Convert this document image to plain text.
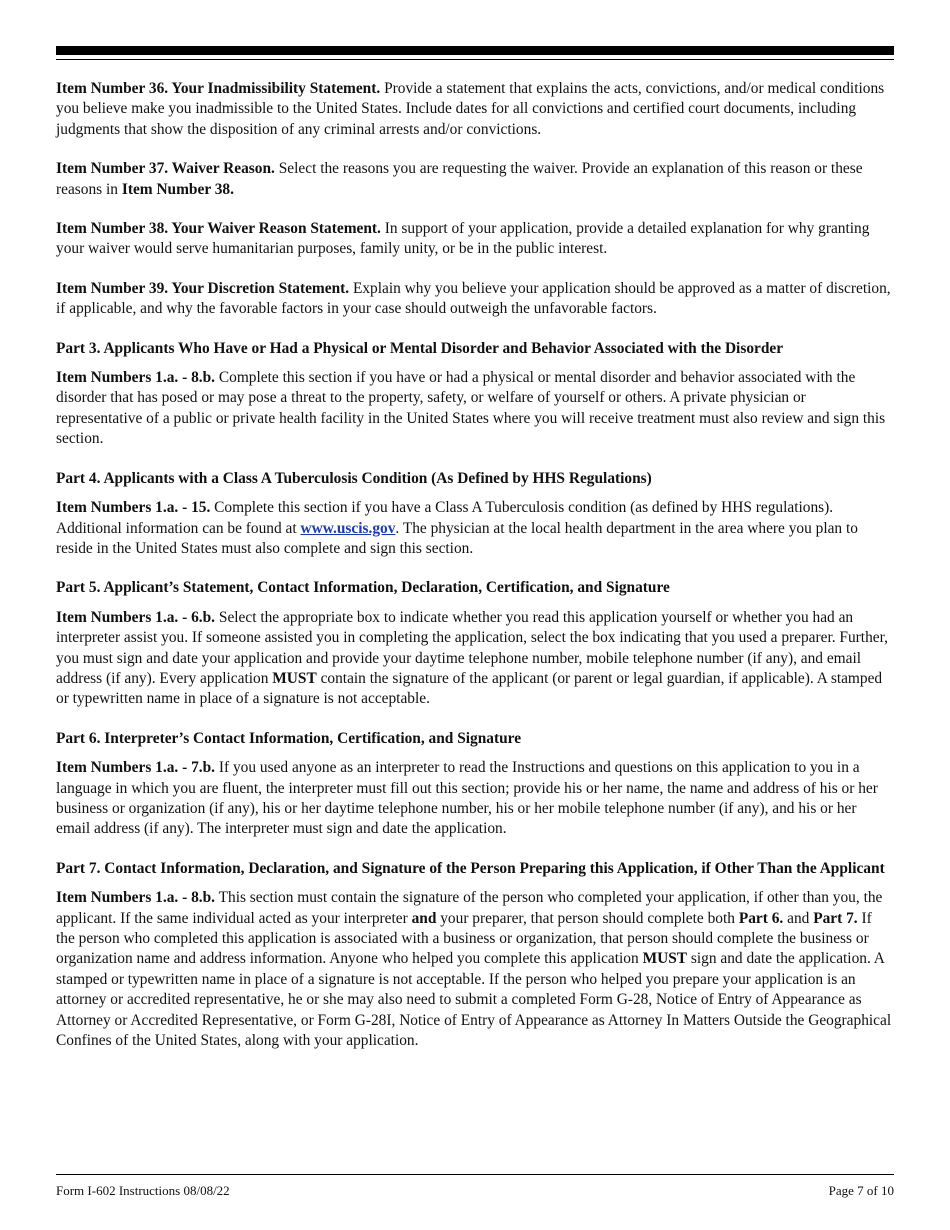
Item Number 36. Your Inadmissibility Statement. Provide a statement that explains the acts, convictions, and/or medical conditions you believe make you inadmissible to the United States. Include dates for all convictions and certified court documents, including judgments that show the disposition of any criminal arrests and/or convictions.

Item Number 37. Waiver Reason. Select the reasons you are requesting the waiver. Provide an explanation of this reason or these reasons in Item Number 38.

Item Number 38. Your Waiver Reason Statement. In support of your application, provide a detailed explanation for why granting your waiver would serve humanitarian purposes, family unity, or be in the public interest.

Item Number 39. Your Discretion Statement. Explain why you believe your application should be approved as a matter of discretion, if applicable, and why the favorable factors in your case should outweigh the unfavorable factors.

Part 3. Applicants Who Have or Had a Physical or Mental Disorder and Behavior Associated with the Disorder

Item Numbers 1.a. - 8.b. Complete this section if you have or had a physical or mental disorder and behavior associated with the disorder that has posed or may pose a threat to the property, safety, or welfare of yourself or others. A private physician or representative of a public or private health facility in the United States where you will receive treatment must also review and sign this section.

Part 4. Applicants with a Class A Tuberculosis Condition (As Defined by HHS Regulations)

Item Numbers 1.a. - 15. Complete this section if you have a Class A Tuberculosis condition (as defined by HHS regulations). Additional information can be found at www.uscis.gov. The physician at the local health department in the area where you plan to reside in the United States must also complete and sign this section.

Part 5. Applicant’s Statement, Contact Information, Declaration, Certification, and Signature

Item Numbers 1.a. - 6.b. Select the appropriate box to indicate whether you read this application yourself or whether you had an interpreter assist you. If someone assisted you in completing the application, select the box indicating that you used a preparer. Further, you must sign and date your application and provide your daytime telephone number, mobile telephone number (if any), and email address (if any). Every application MUST contain the signature of the applicant (or parent or legal guardian, if applicable). A stamped or typewritten name in place of a signature is not acceptable.

Part 6. Interpreter’s Contact Information, Certification, and Signature

Item Numbers 1.a. - 7.b. If you used anyone as an interpreter to read the Instructions and questions on this application to you in a language in which you are fluent, the interpreter must fill out this section; provide his or her name, the name and address of his or her business or organization (if any), his or her daytime telephone number, his or her mobile telephone number (if any), and his or her email address (if any). The interpreter must sign and date the application.

Part 7. Contact Information, Declaration, and Signature of the Person Preparing this Application, if Other Than the Applicant

Item Numbers 1.a. - 8.b. This section must contain the signature of the person who completed your application, if other than you, the applicant. If the same individual acted as your interpreter and your preparer, that person should complete both Part 6. and Part 7. If the person who completed this application is associated with a business or organization, that person should complete the business or organization name and address information. Anyone who helped you complete this application MUST sign and date the application. A stamped or typewritten name in place of a signature is not acceptable. If the person who helped you prepare your application is an attorney or accredited representative, he or she may also need to submit a completed Form G-28, Notice of Entry of Appearance as Attorney or Accredited Representative, or Form G-28I, Notice of Entry of Appearance as Attorney In Matters Outside the Geographical Confines of the United States, along with your application.

Form I-602 Instructions 08/08/22	Page 7 of 10
